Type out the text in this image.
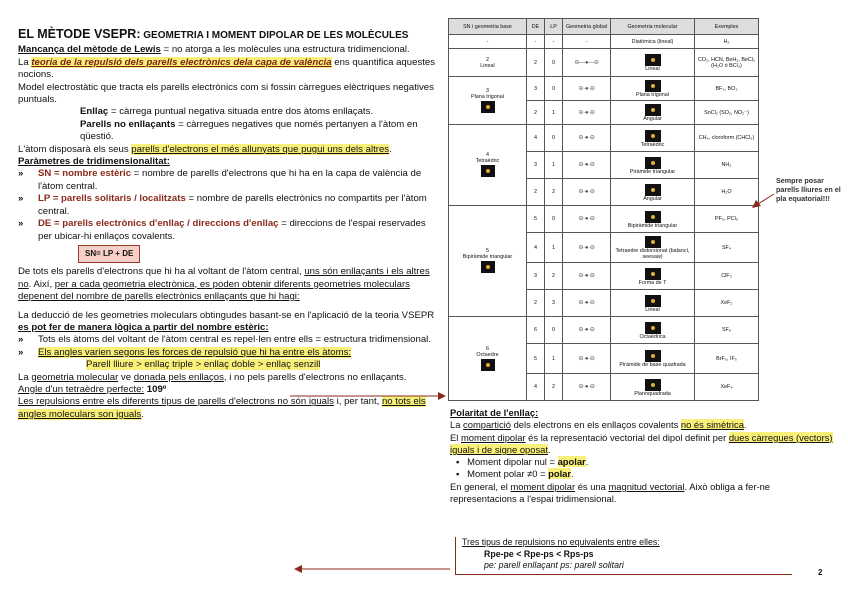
EL MÈTODE VSEPR: GEOMETRIA I MOMENT DIPOLAR DE LES MOLÈCULES

Mancança del mètode de Lewis = no atorga a les molècules una estructura tridimencional.

La teoria de la repulsió dels parells electrònics dela capa de valència ens quantifica aquestes nocions.

Model electrostàtic que tracta els parells electrònics com si fossin càrregues elèctriques negatives puntuals.

Enllaç = càrrega puntual negativa situada entre dos àtoms enllaçats.

Parells no enllaçants = càrregues negatives que només pertanyen a l'àtom en qüestió.

L'àtom disposarà els seus parells d'electrons el més allunyats que pugui uns dels altres.

Paràmetres de tridimensionalitat:

»	SN = nombre estèric = nombre de parells d'electrons que hi ha en la capa de valència de l'àtom central.
»	LP = parells solitaris / localitzats = nombre de parells electrònics no compartits per l'àtom central.
»	DE = parells electrònics d'enllaç / direccions d'enllaç = direccions de l'espai reservades per ubicar-hi enllaços covalents.
SN= LP + DE

De tots els parells d'electrons que hi ha al voltant de l'àtom central, uns són enllaçants i els altres no. Així, per a cada geometria electrònica, es poden obtenir diferents geometries moleculars depenent del nombre de parells electrònics enllaçants que hi hagi:

La deducció de les geometries moleculars obtingudes basant-se en l'aplicació de la teoria VSEPR es pot fer de manera lògica a partir del nombre estèric:

»	Tots els àtoms del voltant de l'àtom central es repel·len entre ells = estructura tridimensional.
»	Els angles varien segons les forces de repulsió que hi ha entre els àtoms:
Parell lliure > enllaç triple > enllaç doble > enllaç senzill

La geometria molecular ve donada pels enllaços, i no pels parells d'electrons no enllaçants.

Angle d'un tetraèdre perfecte: 109º

Les repulsions entre els diferents tipus de parells d'electrons no són iguals i, per tant, no tots els angles moleculars son iguals.

SN i geometria base	DE	LP	Geometria global	Geometria molecular	Exemples
-	-	-	-	Diatòmica (lineal)	H₂
2
Lineal	2	0	⊖—●—⊖	Lineal	CO₂, HCN, BeH₂, BeCl₂ (H₂O ó BCl₃)
3
Plana trigonal	3	0	⊖·●·⊖	Plana trigonal	BF₃, BO₃
	2	1	⊖·●·⊖	Angular	SnCl₂ (SO₂, NO₂⁻)
4
Tetraèdric	4	0	⊖·●·⊖	Tetraèdric	CH₄, cloroform (CHCl₃)
	3	1	⊖·●·⊖	Piràmide triangular	NH₃
	2	2	⊖·●·⊖	Angular	H₂O
5
Bipiràmide triangular	5	0	⊖·●·⊖	Bipiràmide triangular	PF₅, PCl₅
	4	1	⊖·●·⊖	Tetraedre distorsionat (balancí, seesaw)	SF₄
	3	2	⊖·●·⊖	Forma de T	ClF₃
	2	3	⊖·●·⊖	Lineal	XeF₂
6
Octaedre	6	0	⊖·●·⊖	Octaèdrica	SF₆
	5	1	⊖·●·⊖	Piràmide de base quadrada	BrF₅, IF₅
	4	2	⊖·●·⊖	Planoquadrada	XeF₄
Sempre posar parells lliures en el pla equatorial!!!

Polaritat de l'enllaç:

La compartició dels electrons en els enllaços covalents no és simètrica.

El moment dipolar és la representació vectorial del dipol definit per dues càrregues (vectors) iguals i de signe oposat.

▪   Moment dipolar nul = apolar.

▪   Moment polar ≠0 = polar.

En general, el moment dipolar és una magnitud vectorial. Això obliga a fer-ne representacions a l'espai tridimensional.

Tres tipus de repulsions no equivalents entre elles:
Rpe-pe < Rpe-ps < Rps-ps
pe: parell enllaçant ps: parell solitari
2
